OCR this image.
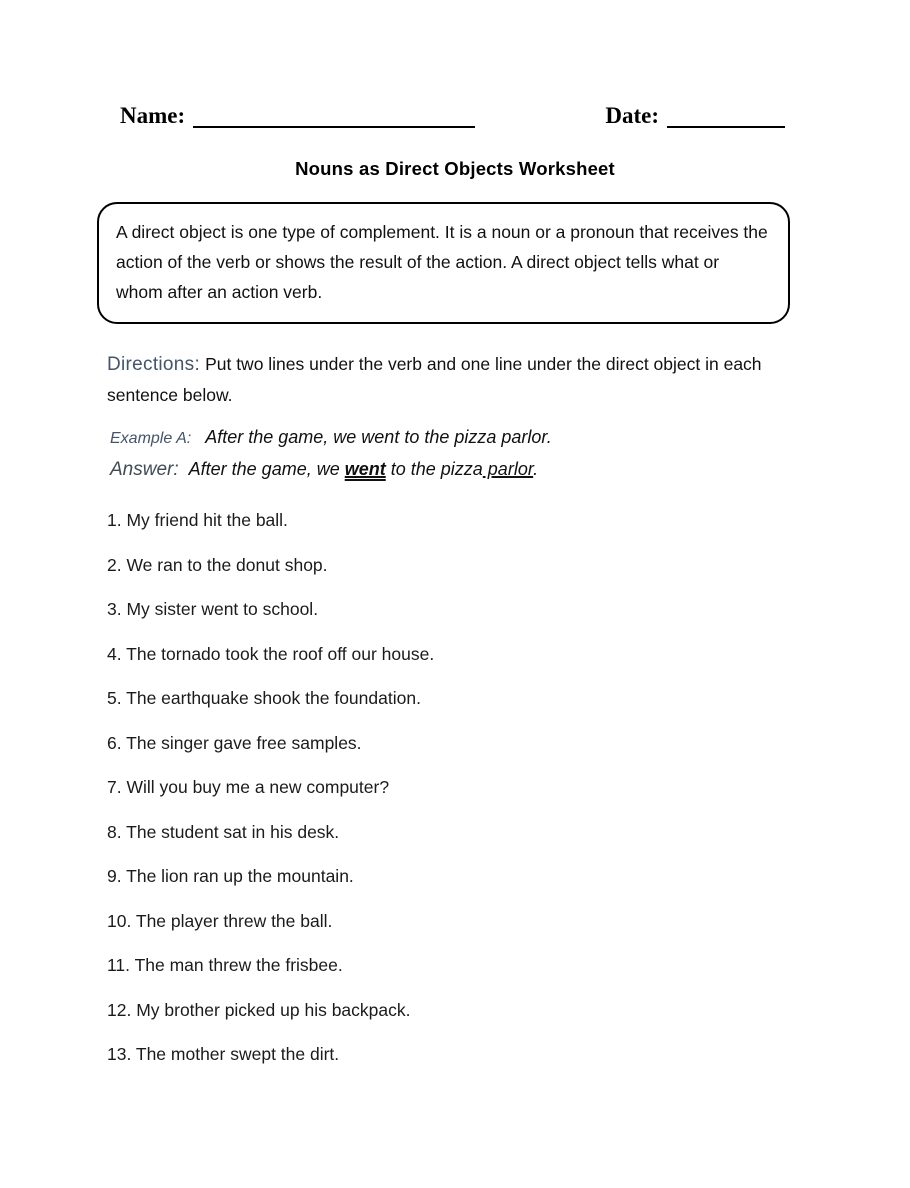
Name:	Date:
Nouns as Direct Objects Worksheet
A direct object is one type of complement. It is a noun or a pronoun that receives the action of the verb or shows the result of the action. A direct object tells what or whom after an action verb.
Directions: Put two lines under the verb and one line under the direct object in each sentence below.
Example A: After the game, we went to the pizza parlor.
Answer: After the game, we went to the pizza parlor.
1. My friend hit the ball.
2. We ran to the donut shop.
3. My sister went to school.
4. The tornado took the roof off our house.
5. The earthquake shook the foundation.
6. The singer gave free samples.
7. Will you buy me a new computer?
8. The student sat in his desk.
9. The lion ran up the mountain.
10. The player threw the ball.
11. The man threw the frisbee.
12. My brother picked up his backpack.
13. The mother swept the dirt.
